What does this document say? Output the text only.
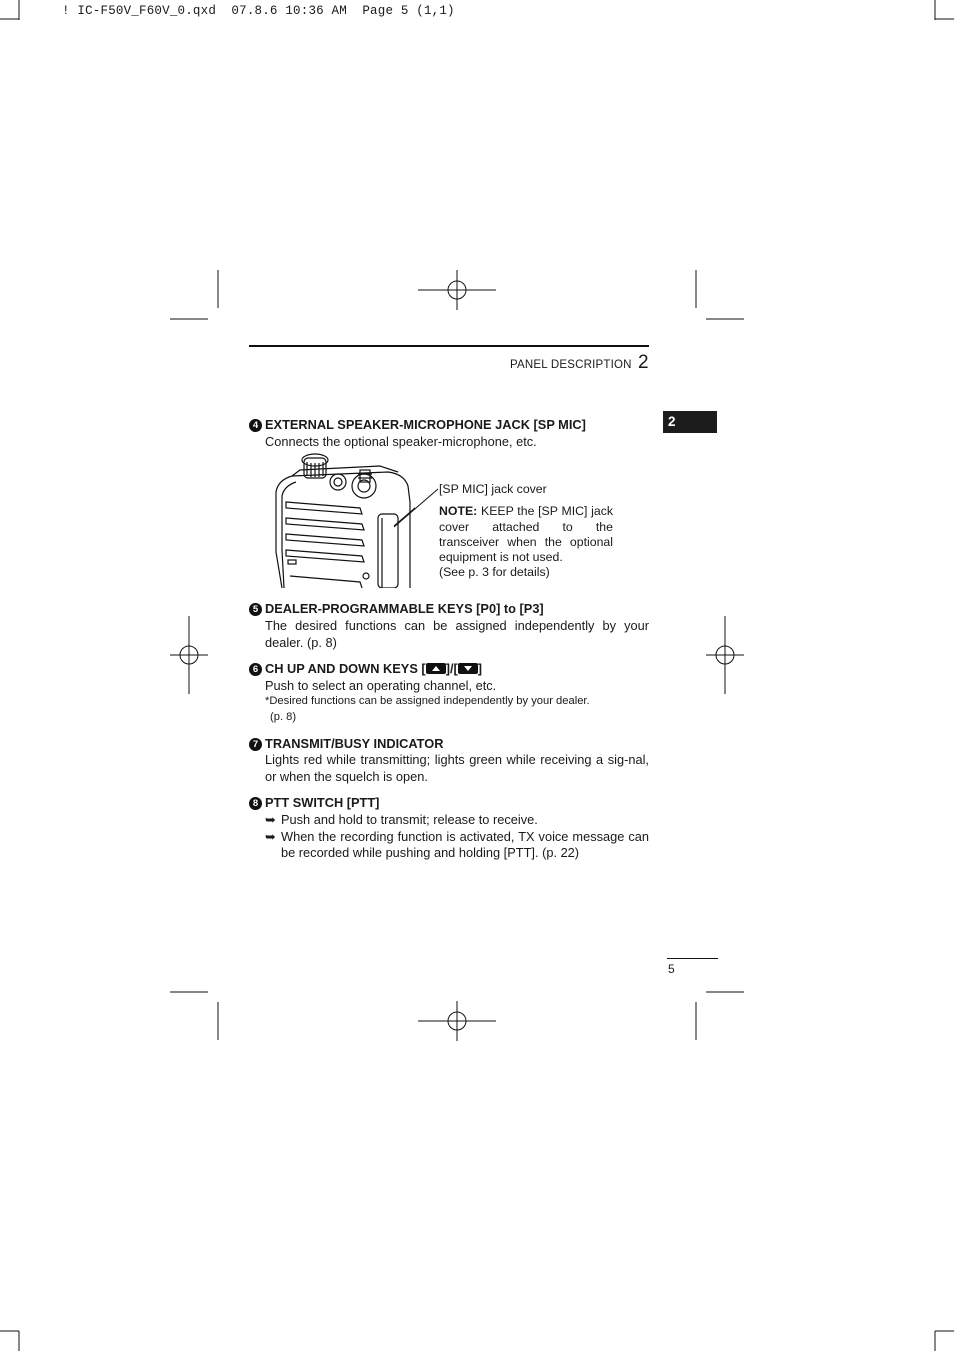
! IC-F50V_F60V_0.qxd  07.8.6 10:36 AM  Page 5 (1,1)
PANEL DESCRIPTION 2
2
4 EXTERNAL SPEAKER-MICROPHONE JACK [SP MIC]
Connects the optional speaker-microphone, etc.
[SP MIC] jack cover
NOTE: KEEP the [SP MIC] jack cover attached to the transceiver when the optional equipment is not used.
(See p. 3 for details)
5 DEALER-PROGRAMMABLE KEYS [P0] to [P3]
The desired functions can be assigned independently by your dealer. (p. 8)
6 CH UP AND DOWN KEYS [ ]/[ ]
Push to select an operating channel, etc.
*Desired functions can be assigned independently by your dealer.
(p. 8)
7 TRANSMIT/BUSY INDICATOR
Lights red while transmitting; lights green while receiving a sig-nal, or when the squelch is open.
8 PTT SWITCH [PTT]
➥ Push and hold to transmit; release to receive.
➥ When the recording function is activated, TX voice message can be recorded while pushing and holding [PTT]. (p. 22)
5
